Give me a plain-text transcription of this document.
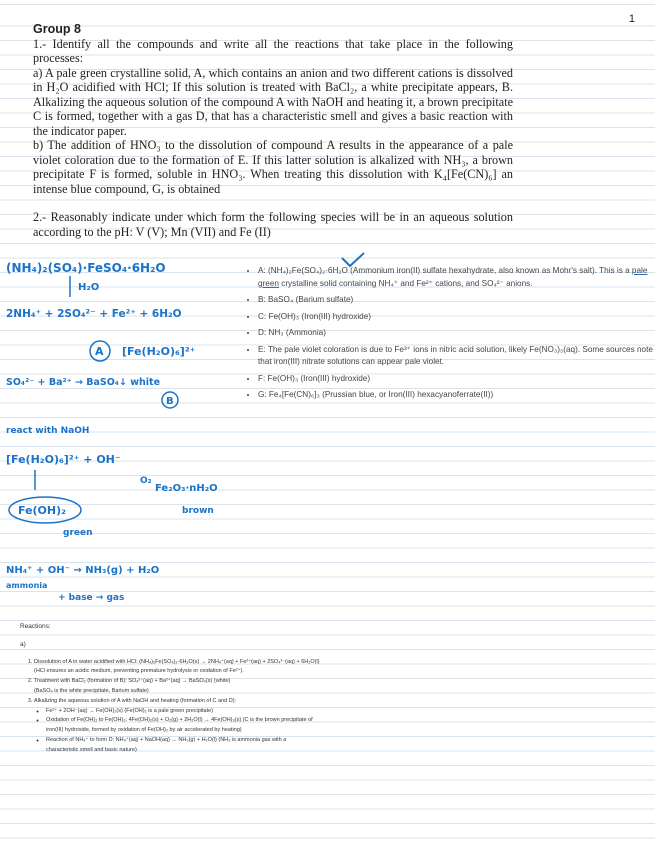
1
Group 8

1.- Identify all the compounds and write all the reactions that take place in the following processes:

a) A pale green crystalline solid, A, which contains an anion and two different cations is dissolved in H₂O acidified with HCl; If this solution is treated with BaCl₂, a white precipitate appears, B. Alkalizing the aqueous solution of the compound A with NaOH and heating it, a brown precipitate C is formed, together with a gas D, that has a characteristic smell and gives a basic reaction with the indicator paper.

b) The addition of HNO₃ to the dissolution of compound A results in the appearance of a pale violet coloration due to the formation of E. If this latter solution is alkalized with NH₃, a brown precipitate F is formed, soluble in HNO₃. When treating this dissolution with K₄[Fe(CN)₆] an intense blue compound, G, is obtained

2.- Reasonably indicate under which form the following species will be in an aqueous solution according to the pH: V (V); Mn (VII) and Fe (II)

(NH₄)₂(SO₄)·FeSO₄·6H₂O
H₂O
2NH₄⁺ + 2SO₄²⁻ + Fe²⁺ + 6H₂O
A [Fe(H₂O)₆]²⁺
SO₄²⁻ + Ba²⁺ → BaSO₄↓ white
B
react with NaOH
[Fe(H₂O)₆]²⁺ + OH⁻
O₂
Fe₂O₃·nH₂O
Fe(OH)₂	brown
green
NH₄⁺ + OH⁻ → NH₃(g) + H₂O
ammonia
+ base → gas
• A: (NH₄)₂Fe(SO₄)₂·6H₂O (Ammonium iron(II) sulfate hexahydrate, also known as Mohr's salt). This is a pale green crystalline solid containing NH₄⁺ and Fe²⁺ cations, and SO₄²⁻ anions.
• B: BaSO₄ (Barium sulfate)
• C: Fe(OH)₃ (Iron(III) hydroxide)
• D: NH₃ (Ammonia)
• E: The pale violet coloration is due to Fe³⁺ ions in nitric acid solution, likely Fe(NO₃)₃(aq). Some sources note that iron(III) nitrate solutions can appear pale violet.
• F: Fe(OH)₃ (Iron(III) hydroxide)
• G: Fe₄[Fe(CN)₆]₃ (Prussian blue, or Iron(III) hexacyanoferrate(II))
Reactions:
a)
1. Dissolution of A in water acidified with HCl: (NH₄)₂Fe(SO₄)₂·6H₂O(s) → 2NH₄⁺(aq) + Fe²⁺(aq) + 2SO₄²⁻(aq) + 6H₂O(l)

(HCl ensures an acidic medium, preventing premature hydrolysis or oxidation of Fe²⁺).

2. Treatment with BaCl₂ (formation of B): SO₄²⁻(aq) + Ba²⁺(aq) → BaSO₄(s) (white)

(BaSO₄ is the white precipitate, Barium sulfate)

3. Alkalizing the aqueous solution of A with NaOH and heating (formation of C and D):
◦ Fe²⁺ + 2OH⁻(aq) → Fe(OH)₂(s) (Fe(OH)₂ is a pale green precipitate)
◦ Oxidation of Fe(OH)₂ to Fe(OH)₃: 4Fe(OH)₂(s) + O₂(g) + 2H₂O(l) → 4Fe(OH)₃(s) (C is the brown precipitate of iron(III) hydroxide, formed by oxidation of Fe(OH)₂ by air accelerated by heating)
◦ Reaction of NH₄⁺ to form D: NH₄⁺(aq) + NaOH(aq) → NH₃(g) + H₂O(l) (NH₃ is ammonia gas with a characteristic smell and basic nature)
